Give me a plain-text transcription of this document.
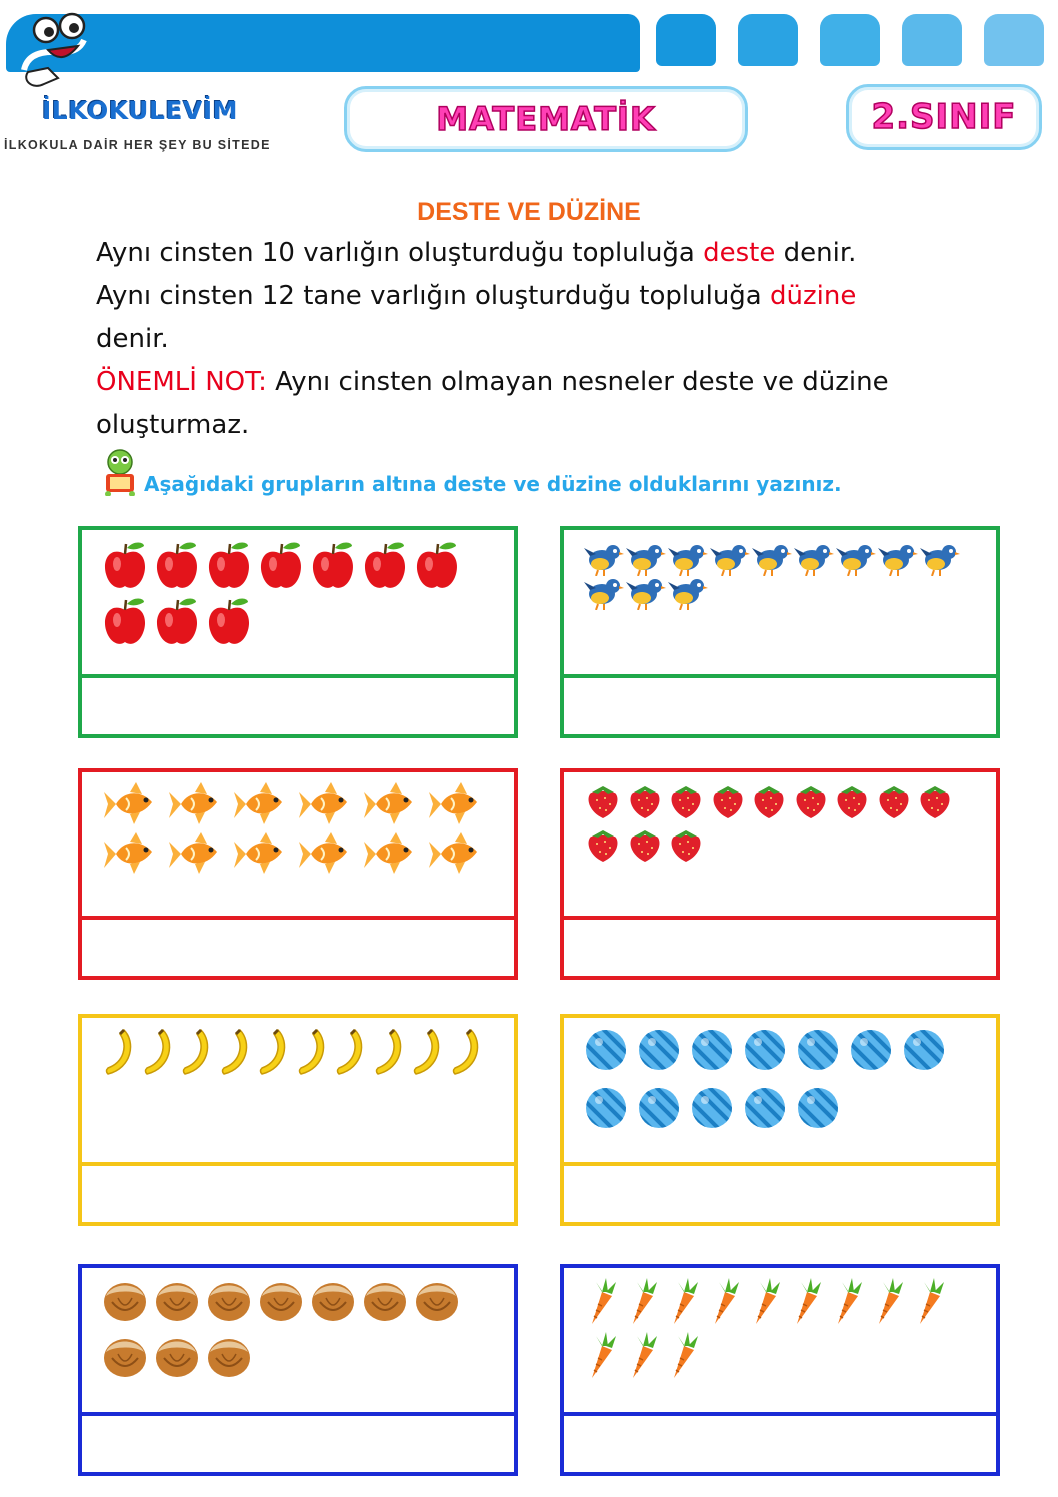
İLKOKULEVİM
İLKOKULA DAİR HER ŞEY BU SİTEDE
MATEMATİK	2.SINIF
DESTE VE DÜZİNE
Aynı cinsten 10 varlığın oluşturduğu topluluğa deste denir.
Aynı cinsten 12 tane varlığın oluşturduğu topluluğa düzine
denir.
ÖNEMLİ NOT: Aynı cinsten olmayan nesneler deste ve düzine
oluşturmaz.
Aşağıdaki grupların altına deste ve düzine olduklarını yazınız.
